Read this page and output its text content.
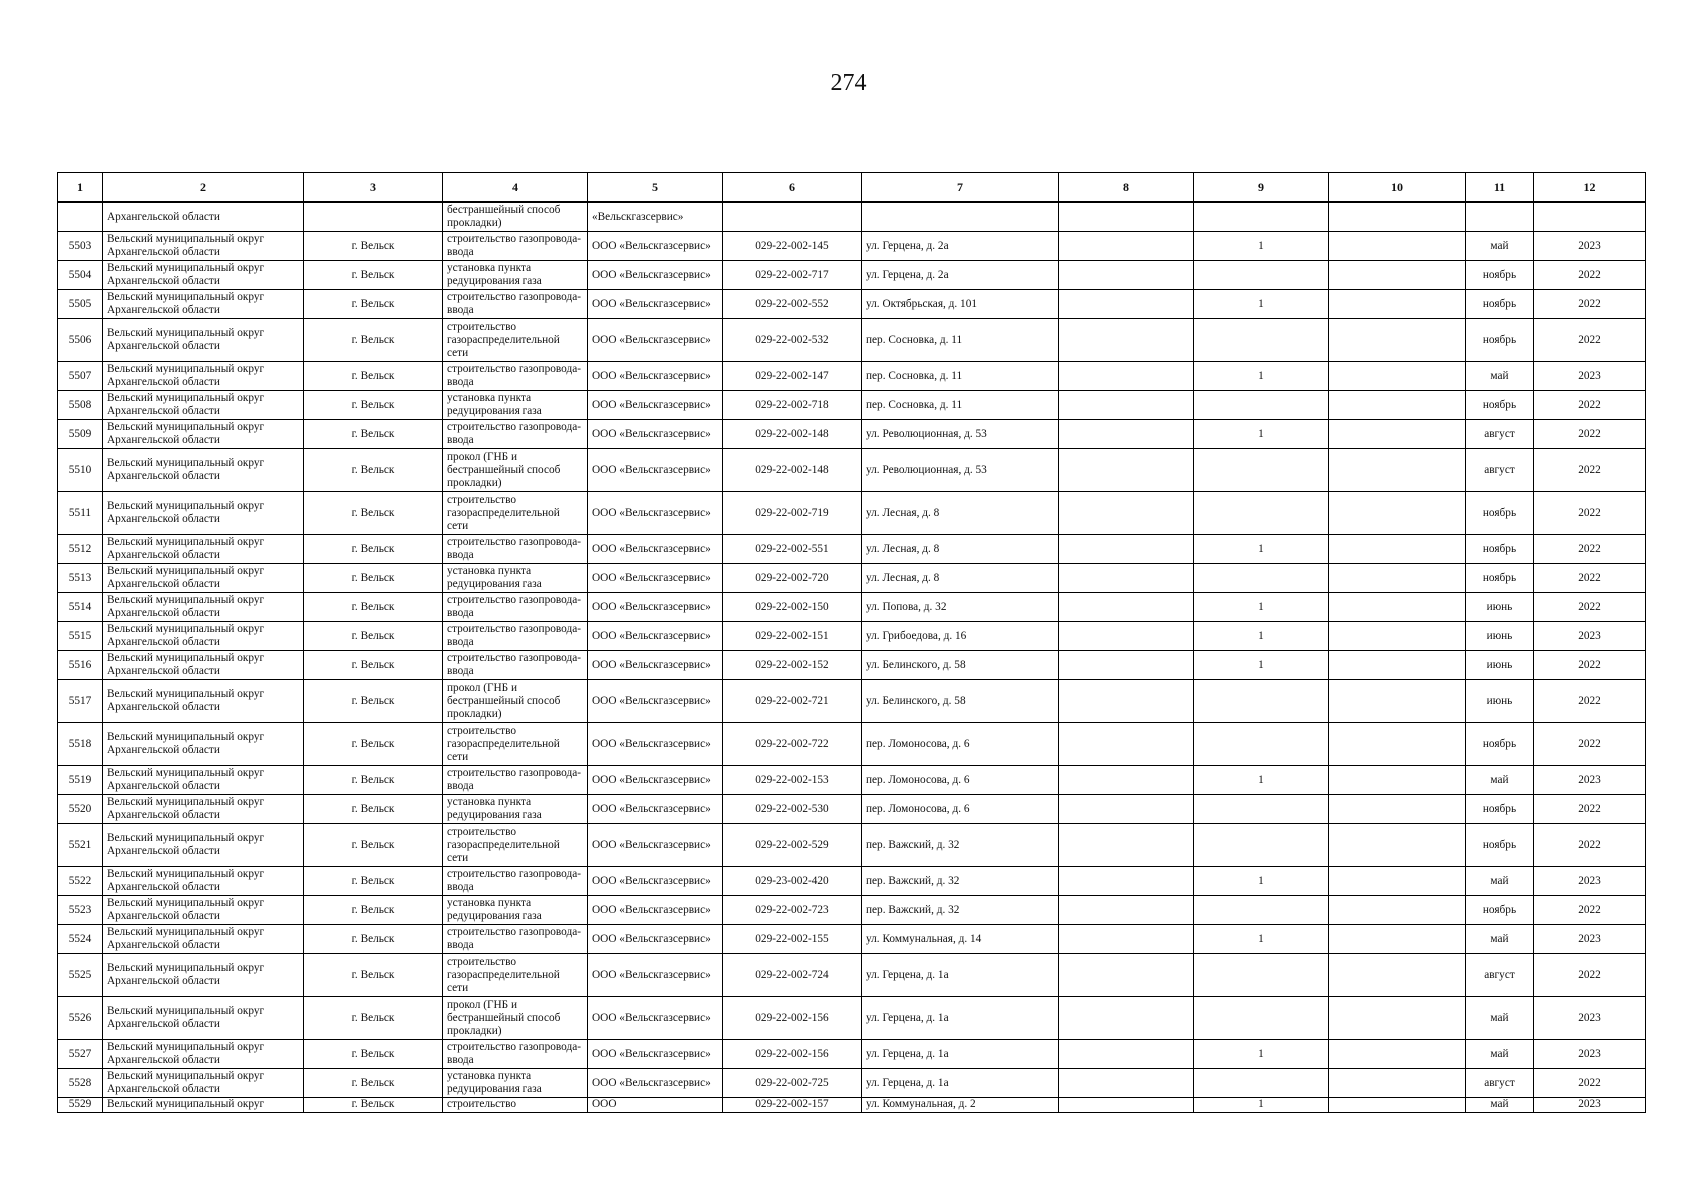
274
1	2	3	4	5	6	7	8	9	10	11	12
	Архангельской области		бестраншейный способ прокладки)	«Вельскгазсервис»							
5503	Вельский муниципальный округ Архангельской области	г. Вельск	строительство газопровода-ввода	ООО «Вельскгазсервис»	029-22-002-145	ул. Герцена, д. 2а		1		май	2023
5504	Вельский муниципальный округ Архангельской области	г. Вельск	установка пункта редуцирования газа	ООО «Вельскгазсервис»	029-22-002-717	ул. Герцена, д. 2а				ноябрь	2022
5505	Вельский муниципальный округ Архангельской области	г. Вельск	строительство газопровода-ввода	ООО «Вельскгазсервис»	029-22-002-552	ул. Октябрьская, д. 101		1		ноябрь	2022
5506	Вельский муниципальный округ Архангельской области	г. Вельск	строительство газораспределительной сети	ООО «Вельскгазсервис»	029-22-002-532	пер. Сосновка, д. 11				ноябрь	2022
5507	Вельский муниципальный округ Архангельской области	г. Вельск	строительство газопровода-ввода	ООО «Вельскгазсервис»	029-22-002-147	пер. Сосновка, д. 11		1		май	2023
5508	Вельский муниципальный округ Архангельской области	г. Вельск	установка пункта редуцирования газа	ООО «Вельскгазсервис»	029-22-002-718	пер. Сосновка, д. 11				ноябрь	2022
5509	Вельский муниципальный округ Архангельской области	г. Вельск	строительство газопровода-ввода	ООО «Вельскгазсервис»	029-22-002-148	ул. Революционная, д. 53		1		август	2022
5510	Вельский муниципальный округ Архангельской области	г. Вельск	прокол (ГНБ и бестраншейный способ прокладки)	ООО «Вельскгазсервис»	029-22-002-148	ул. Революционная, д. 53				август	2022
5511	Вельский муниципальный округ Архангельской области	г. Вельск	строительство газораспределительной сети	ООО «Вельскгазсервис»	029-22-002-719	ул. Лесная, д. 8				ноябрь	2022
5512	Вельский муниципальный округ Архангельской области	г. Вельск	строительство газопровода-ввода	ООО «Вельскгазсервис»	029-22-002-551	ул. Лесная, д. 8		1		ноябрь	2022
5513	Вельский муниципальный округ Архангельской области	г. Вельск	установка пункта редуцирования газа	ООО «Вельскгазсервис»	029-22-002-720	ул. Лесная, д. 8				ноябрь	2022
5514	Вельский муниципальный округ Архангельской области	г. Вельск	строительство газопровода-ввода	ООО «Вельскгазсервис»	029-22-002-150	ул. Попова, д. 32		1		июнь	2022
5515	Вельский муниципальный округ Архангельской области	г. Вельск	строительство газопровода-ввода	ООО «Вельскгазсервис»	029-22-002-151	ул. Грибоедова, д. 16		1		июнь	2023
5516	Вельский муниципальный округ Архангельской области	г. Вельск	строительство газопровода-ввода	ООО «Вельскгазсервис»	029-22-002-152	ул. Белинского, д. 58		1		июнь	2022
5517	Вельский муниципальный округ Архангельской области	г. Вельск	прокол (ГНБ и бестраншейный способ прокладки)	ООО «Вельскгазсервис»	029-22-002-721	ул. Белинского, д. 58				июнь	2022
5518	Вельский муниципальный округ Архангельской области	г. Вельск	строительство газораспределительной сети	ООО «Вельскгазсервис»	029-22-002-722	пер. Ломоносова, д. 6				ноябрь	2022
5519	Вельский муниципальный округ Архангельской области	г. Вельск	строительство газопровода-ввода	ООО «Вельскгазсервис»	029-22-002-153	пер. Ломоносова, д. 6		1		май	2023
5520	Вельский муниципальный округ Архангельской области	г. Вельск	установка пункта редуцирования газа	ООО «Вельскгазсервис»	029-22-002-530	пер. Ломоносова, д. 6				ноябрь	2022
5521	Вельский муниципальный округ Архангельской области	г. Вельск	строительство газораспределительной сети	ООО «Вельскгазсервис»	029-22-002-529	пер. Важский, д. 32				ноябрь	2022
5522	Вельский муниципальный округ Архангельской области	г. Вельск	строительство газопровода-ввода	ООО «Вельскгазсервис»	029-23-002-420	пер. Важский, д. 32		1		май	2023
5523	Вельский муниципальный округ Архангельской области	г. Вельск	установка пункта редуцирования газа	ООО «Вельскгазсервис»	029-22-002-723	пер. Важский, д. 32				ноябрь	2022
5524	Вельский муниципальный округ Архангельской области	г. Вельск	строительство газопровода-ввода	ООО «Вельскгазсервис»	029-22-002-155	ул. Коммунальная, д. 14		1		май	2023
5525	Вельский муниципальный округ Архангельской области	г. Вельск	строительство газораспределительной сети	ООО «Вельскгазсервис»	029-22-002-724	ул. Герцена, д. 1а				август	2022
5526	Вельский муниципальный округ Архангельской области	г. Вельск	прокол (ГНБ и бестраншейный способ прокладки)	ООО «Вельскгазсервис»	029-22-002-156	ул. Герцена, д. 1а				май	2023
5527	Вельский муниципальный округ Архангельской области	г. Вельск	строительство газопровода-ввода	ООО «Вельскгазсервис»	029-22-002-156	ул. Герцена, д. 1а		1		май	2023
5528	Вельский муниципальный округ Архангельской области	г. Вельск	установка пункта редуцирования газа	ООО «Вельскгазсервис»	029-22-002-725	ул. Герцена, д. 1а				август	2022
5529	Вельский муниципальный округ	г. Вельск	строительство	ООО	029-22-002-157	ул. Коммунальная, д. 2		1		май	2023
